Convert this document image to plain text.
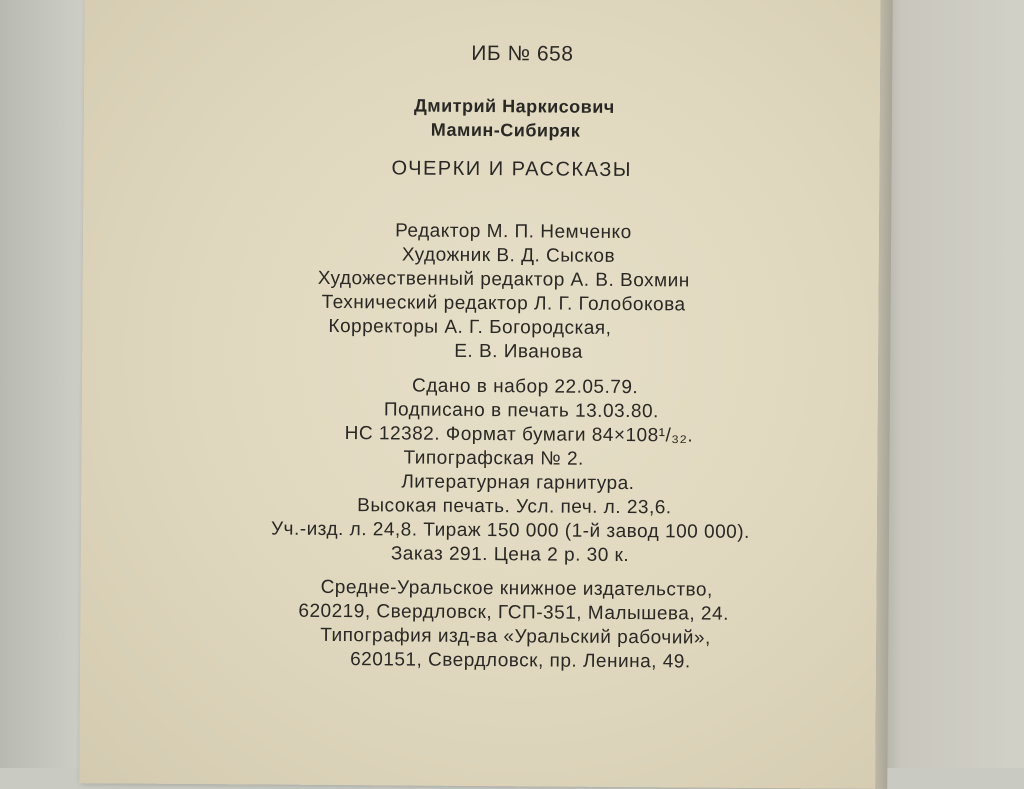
ИБ № 658
Дмитрий Наркисович
Мамин-Сибиряк
ОЧЕРКИ И РАССКАЗЫ
Редактор М. П. Немченко
Художник В. Д. Сысков
Художественный редактор А. В. Вохмин
Технический редактор Л. Г. Голобокова
Корректоры А. Г. Богородская,
Е. В. Иванова
Сдано в набор 22.05.79.
Подписано в печать 13.03.80.
НС 12382. Формат бумаги 84×108¹/₃₂.
Типографская № 2.
Литературная гарнитура.
Высокая печать. Усл. печ. л. 23,6.
Уч.-изд. л. 24,8. Тираж 150 000 (1-й завод 100 000).
Заказ 291. Цена 2 р. 30 к.
Средне-Уральское книжное издательство,
620219, Свердловск, ГСП-351, Малышева, 24.
Типография изд-ва «Уральский рабочий»,
620151, Свердловск, пр. Ленина, 49.
